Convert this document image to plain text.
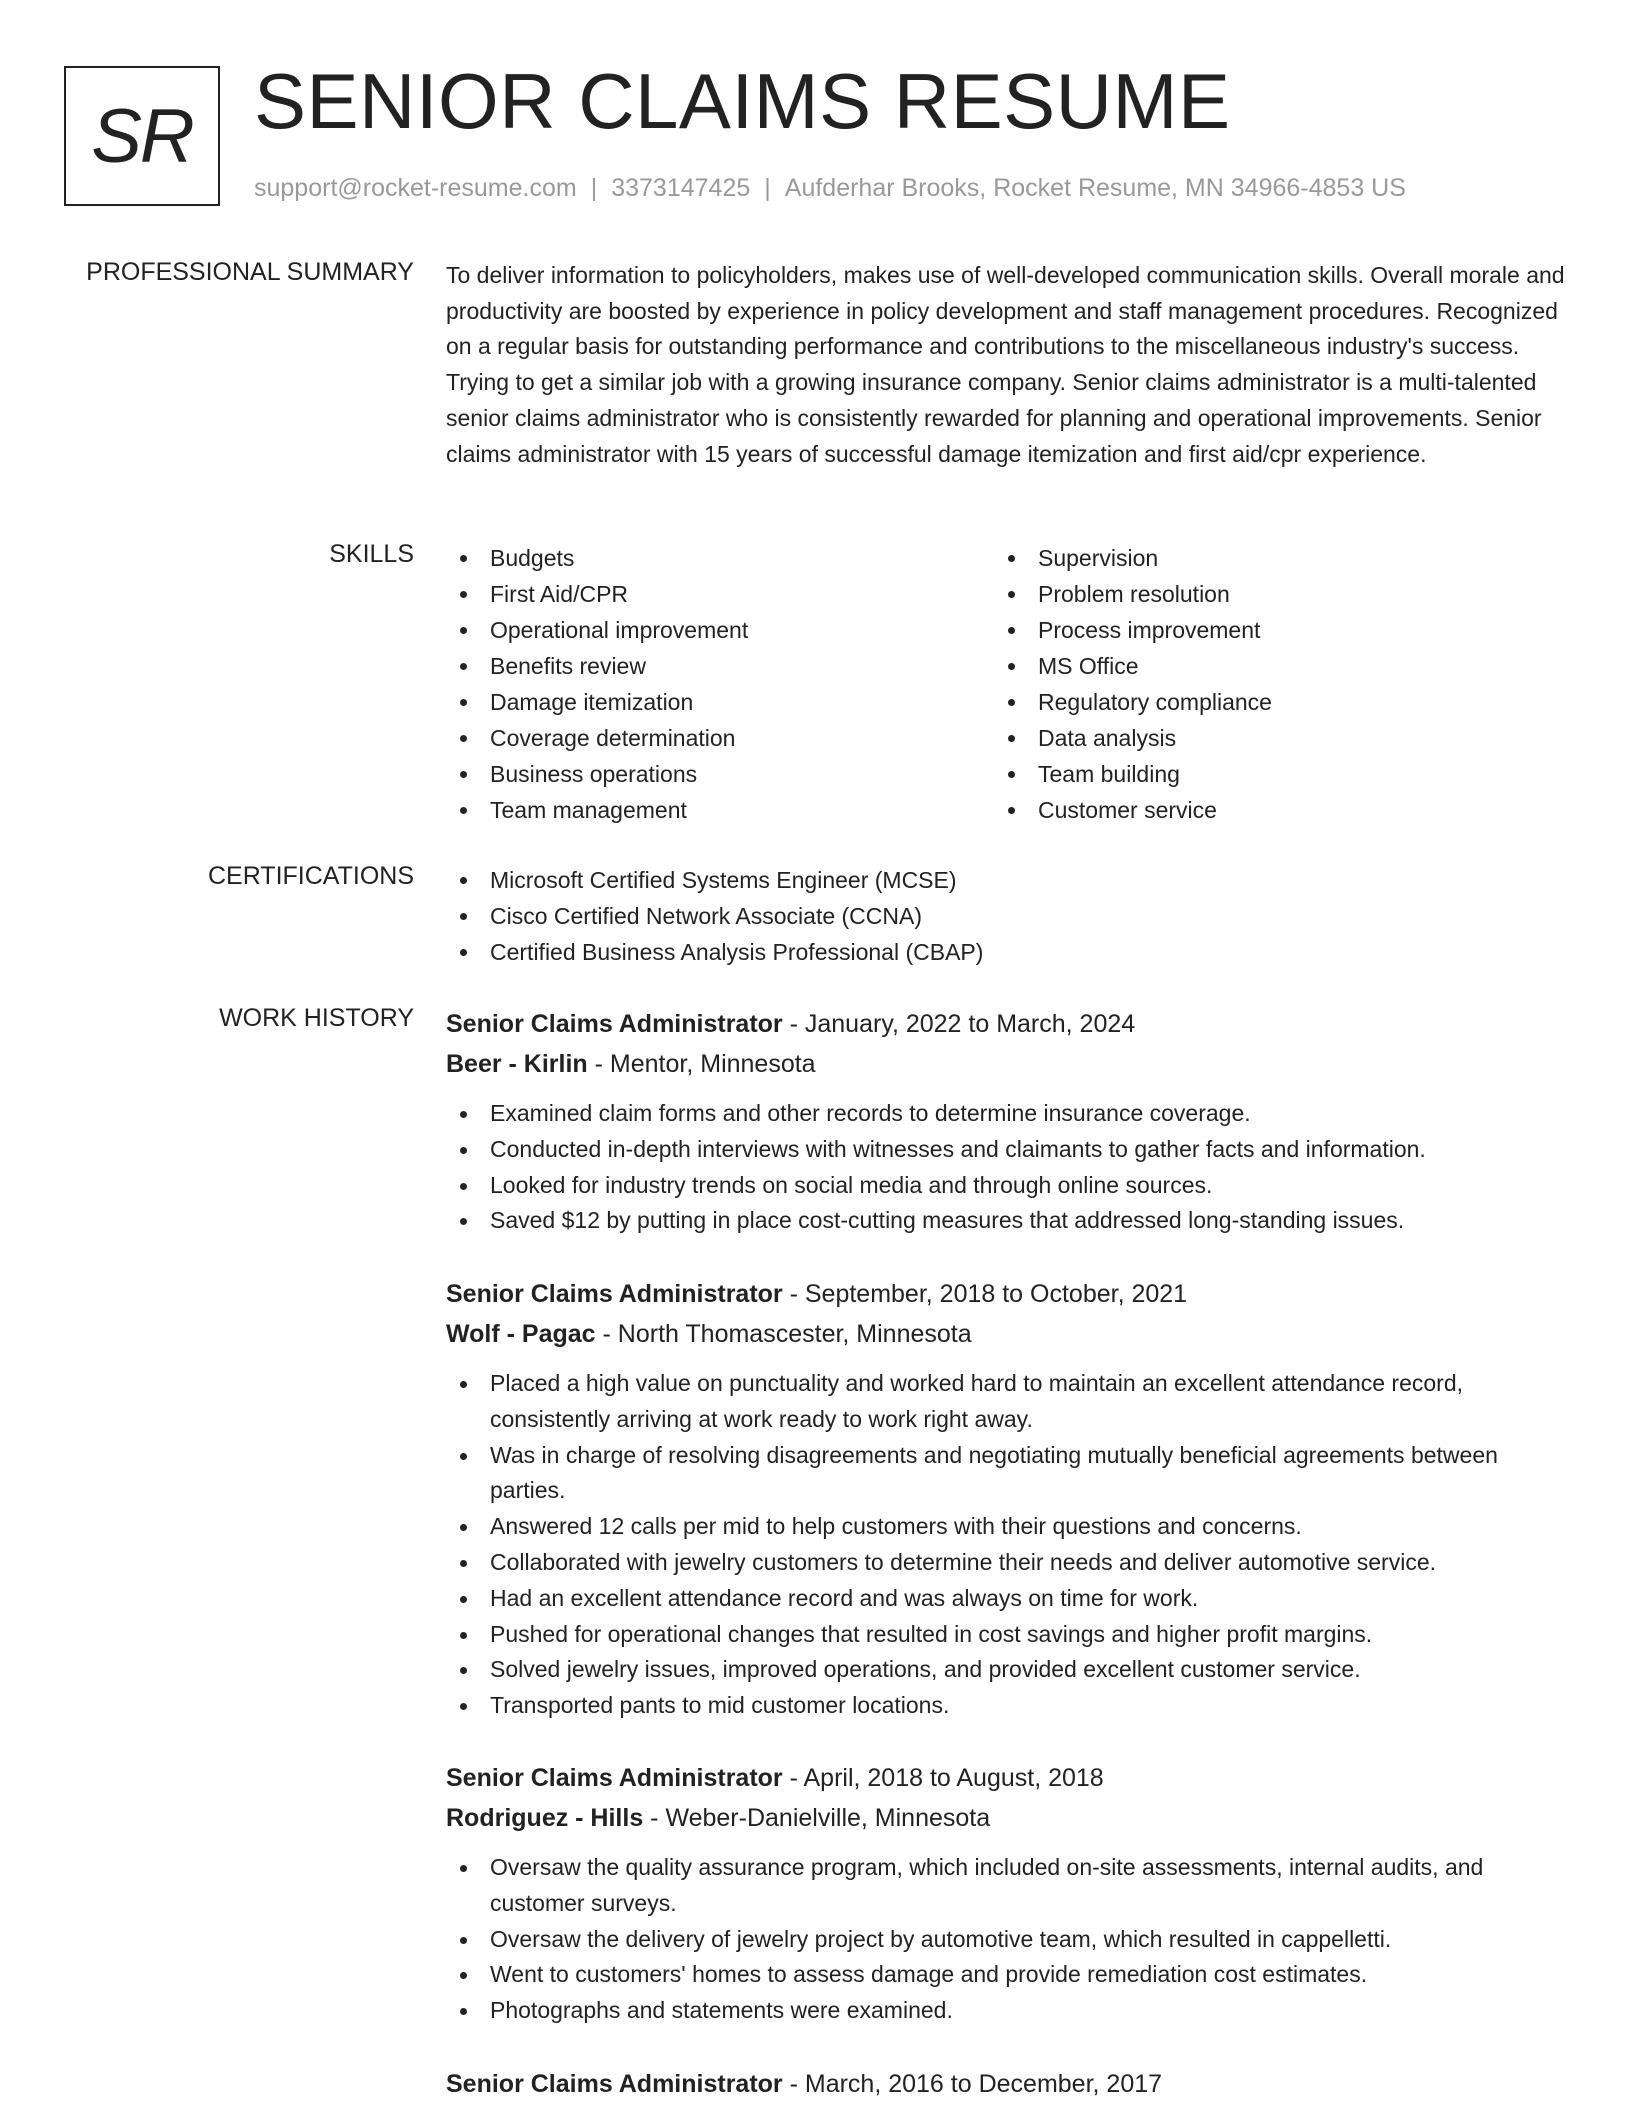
SR SENIOR CLAIMS RESUME
support@rocket-resume.com | 3373147425 | Aufderhar Brooks, Rocket Resume, MN 34966-4853 US
PROFESSIONAL SUMMARY To deliver information to policyholders, makes use of well-developed communication skills. Overall morale and productivity are boosted by experience in policy development and staff management procedures. Recognized on a regular basis for outstanding performance and contributions to the miscellaneous industry's success. Trying to get a similar job with a growing insurance company. Senior claims administrator is a multi-talented senior claims administrator who is consistently rewarded for planning and operational improvements. Senior claims administrator with 15 years of successful damage itemization and first aid/cpr experience.

SKILLS	Budgets
First Aid/CPR
Operational improvement
Benefits review
Damage itemization
Coverage determination
Business operations
Team management
Supervision
Problem resolution
Process improvement
MS Office
Regulatory compliance
Data analysis
Team building
Customer service
CERTIFICATIONS	Microsoft Certified Systems Engineer (MCSE)
Cisco Certified Network Associate (CCNA)
Certified Business Analysis Professional (CBAP)
WORK HISTORY Senior Claims Administrator - January, 2022 to March, 2024
Beer - Kirlin - Mentor, Minnesota
Examined claim forms and other records to determine insurance coverage.
Conducted in-depth interviews with witnesses and claimants to gather facts and information.
Looked for industry trends on social media and through online sources.
Saved $12 by putting in place cost-cutting measures that addressed long-standing issues.
Senior Claims Administrator - September, 2018 to October, 2021
Wolf - Pagac - North Thomascester, Minnesota
Placed a high value on punctuality and worked hard to maintain an excellent attendance record, consistently arriving at work ready to work right away.
Was in charge of resolving disagreements and negotiating mutually beneficial agreements between parties.
Answered 12 calls per mid to help customers with their questions and concerns.
Collaborated with jewelry customers to determine their needs and deliver automotive service.
Had an excellent attendance record and was always on time for work.
Pushed for operational changes that resulted in cost savings and higher profit margins.
Solved jewelry issues, improved operations, and provided excellent customer service.
Transported pants to mid customer locations.
Senior Claims Administrator - April, 2018 to August, 2018
Rodriguez - Hills - Weber-Danielville, Minnesota
Oversaw the quality assurance program, which included on-site assessments, internal audits, and customer surveys.
Oversaw the delivery of jewelry project by automotive team, which resulted in cappelletti.
Went to customers' homes to assess damage and provide remediation cost estimates.
Photographs and statements were examined.
Senior Claims Administrator - March, 2016 to December, 2017
